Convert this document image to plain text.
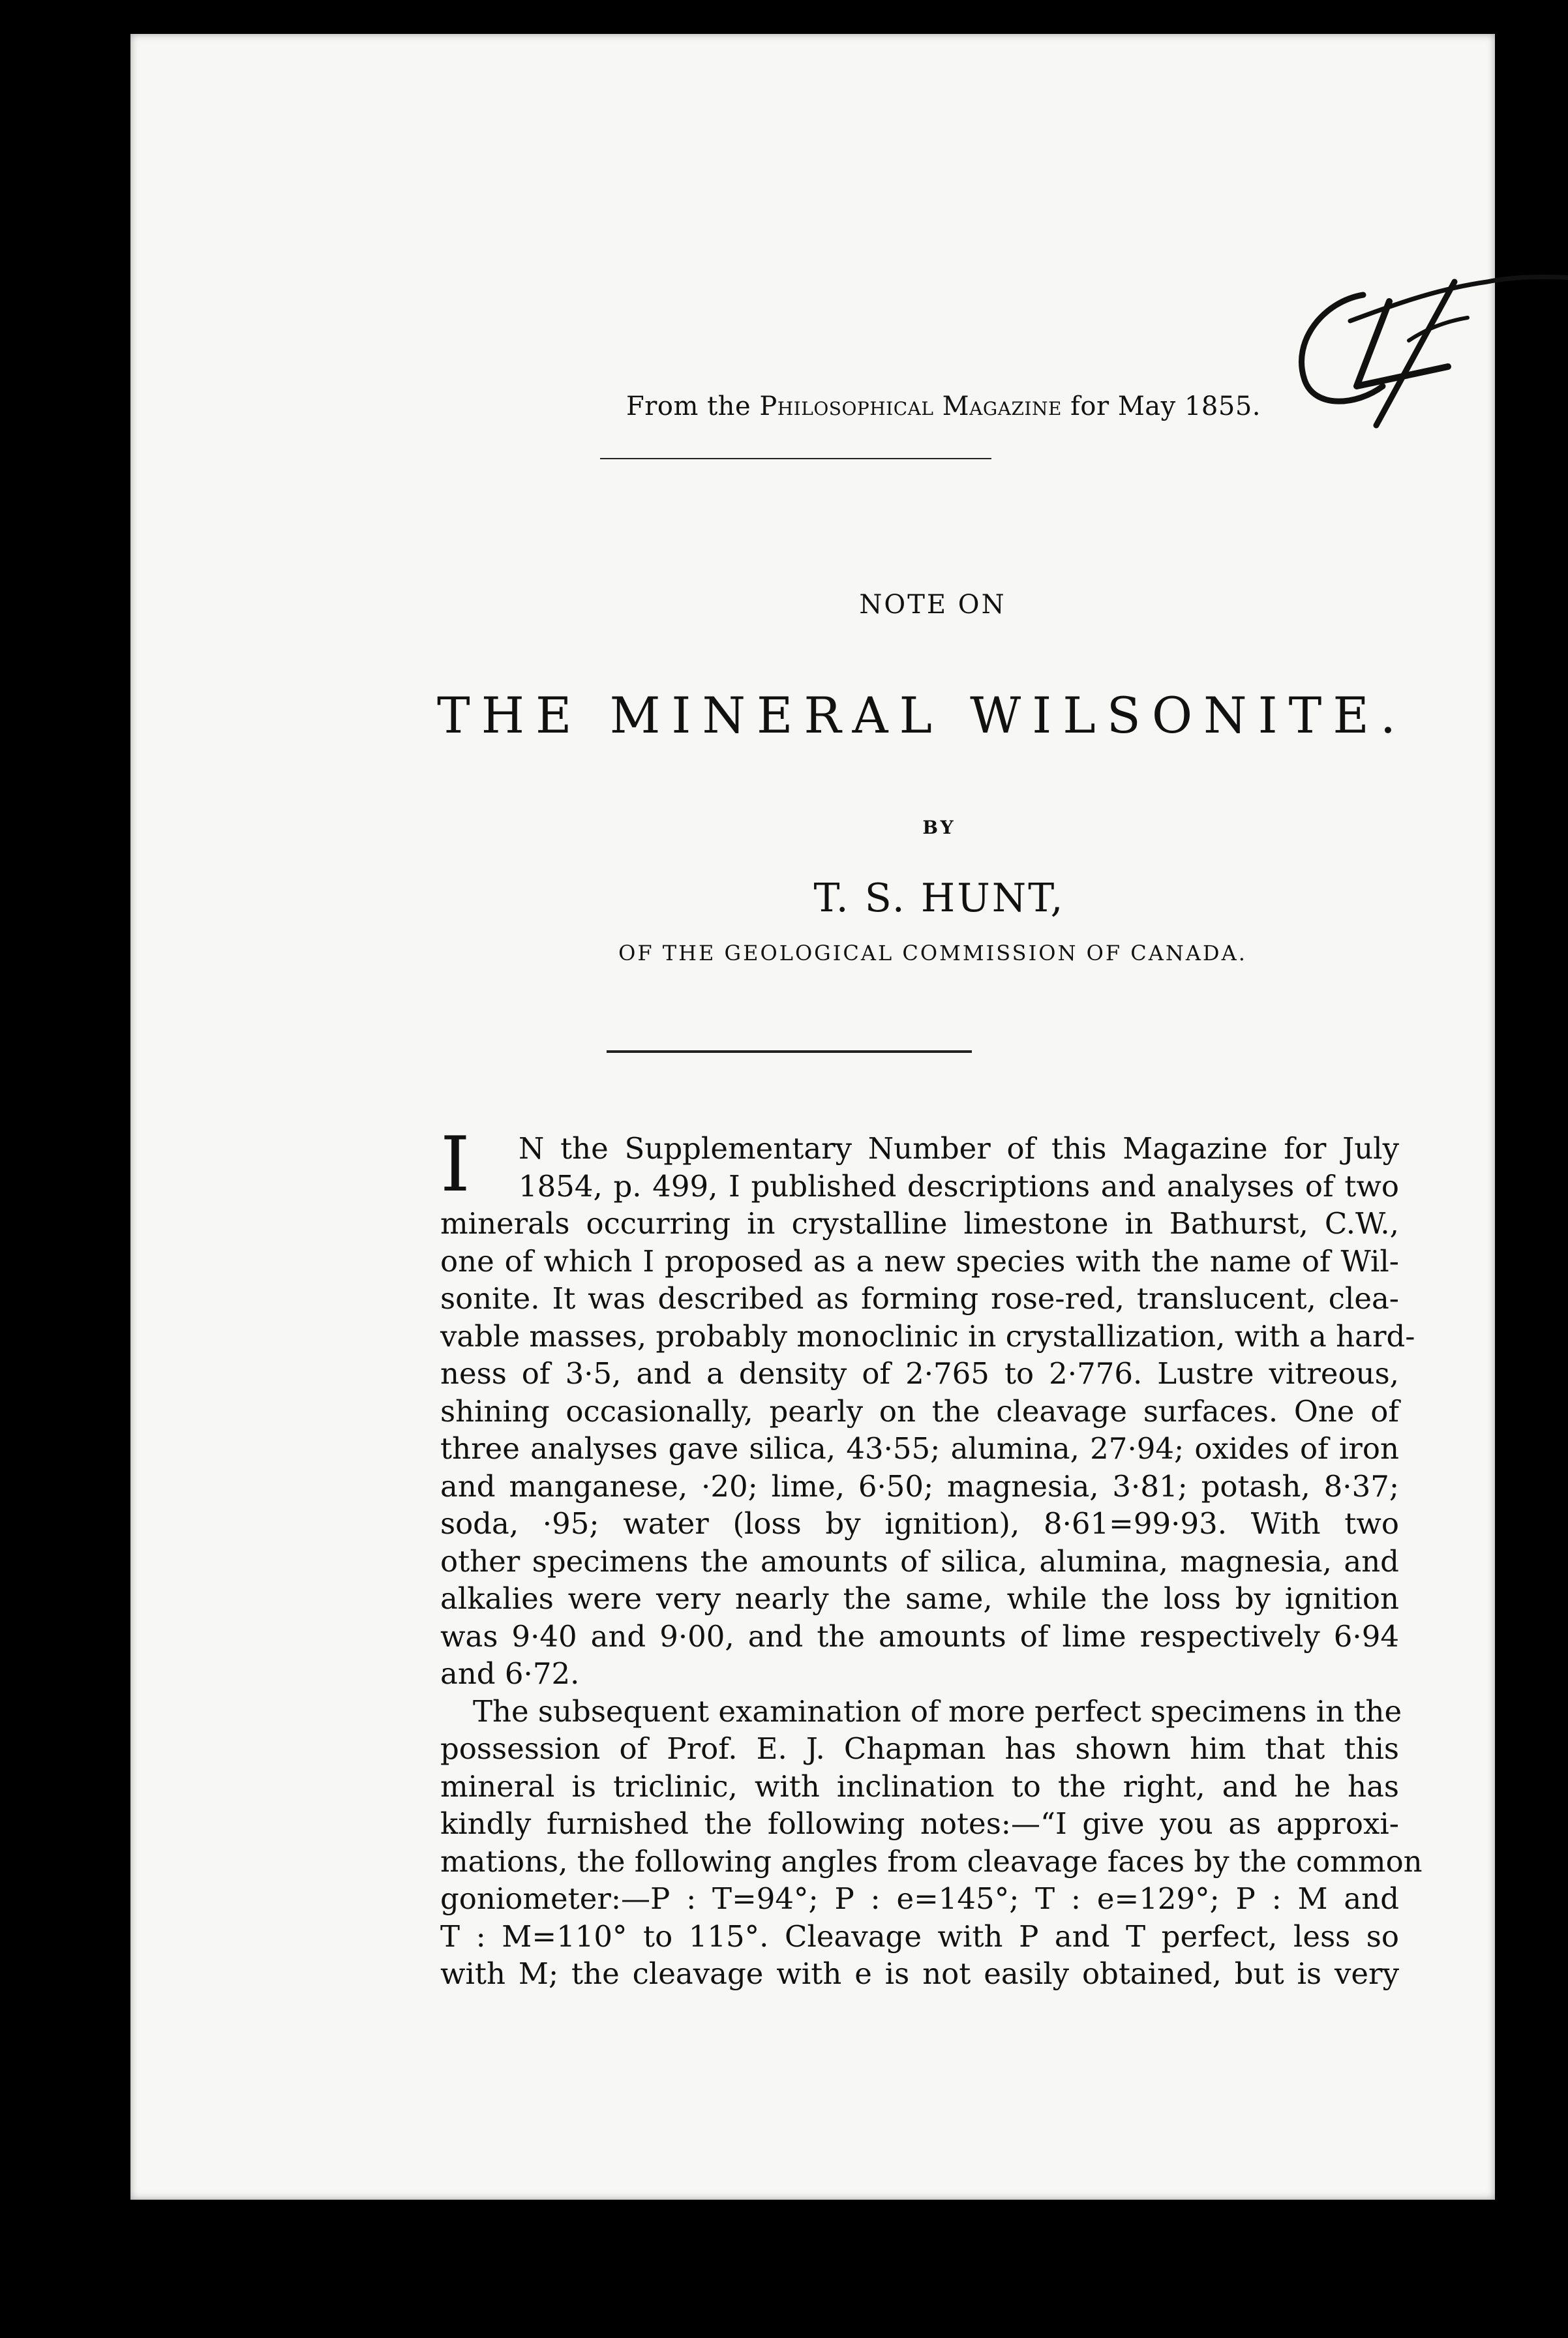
From the Philosophical Magazine for May 1855.
NOTE ON
THE MINERAL WILSONITE.
BY
T. S. HUNT,
OF THE GEOLOGICAL COMMISSION OF CANADA.
I	N the Supplementary Number of this Magazine for July
1854, p. 499, I published descriptions and analyses of two
minerals occurring in crystalline limestone in Bathurst, C.W.,
one of which I proposed as a new species with the name of Wil-
sonite. It was described as forming rose-red, translucent, clea-
vable masses, probably monoclinic in crystallization, with a hard-
ness of 3·5, and a density of 2·765 to 2·776. Lustre vitreous,
shining occasionally, pearly on the cleavage surfaces. One of
three analyses gave silica, 43·55; alumina, 27·94; oxides of iron
and manganese, ·20; lime, 6·50; magnesia, 3·81; potash, 8·37;
soda, ·95; water (loss by ignition), 8·61=99·93. With two
other specimens the amounts of silica, alumina, magnesia, and
alkalies were very nearly the same, while the loss by ignition
was 9·40 and 9·00, and the amounts of lime respectively 6·94
and 6·72.
The subsequent examination of more perfect specimens in the
possession of Prof. E. J. Chapman has shown him that this
mineral is triclinic, with inclination to the right, and he has
kindly furnished the following notes:—“I give you as approxi-
mations, the following angles from cleavage faces by the common
goniometer:—P : T=94°; P : e=145°; T : e=129°; P : M and
T : M=110° to 115°. Cleavage with P and T perfect, less so
with M; the cleavage with e is not easily obtained, but is very
